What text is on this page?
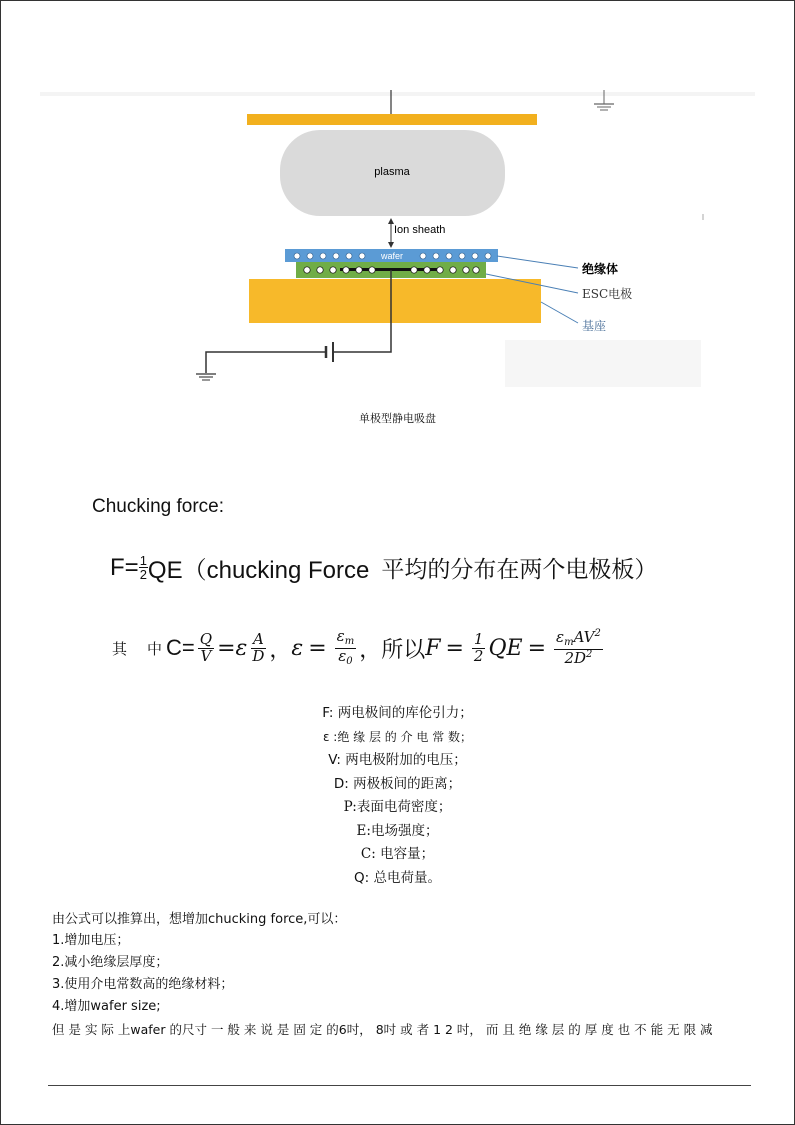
plasma
Ion sheath
wafer
绝缘体
ESC电极
基座
单极型静电吸盘
Chucking force:
$F= \frac{1}{2}$ QE（chucking Force 平均的分布在两个电极板）
其 中 $C= \frac{Q}{V} =\varepsilon \frac{A}{D}$ ， $\varepsilon = \frac{\varepsilon_m}{\varepsilon_0}$ ， 所以 $F = \frac{1}{2}$ QE = $\frac{\varepsilon_mAV^2}{2D^2}$
F: 两电极间的库伦引力；
ε :绝 缘 层 的 介 电 常 数；
V: 两电极附加的电压；
D: 两极板间的距离；
P:表面电荷密度；
E:电场强度；
C: 电容量；
Q: 总电荷量。
由公式可以推算出，想增加chucking force,可以：
1.增加电压；
2.减小绝缘层厚度；
3.使用介电常数高的绝缘材料；
4.增加wafer size;
但 是 实 际 上wafer 的尺寸 一 般 来 说 是 固 定 的6吋， 8吋 或 者 1 2 吋， 而 且 绝 缘 层 的 厚 度 也 不 能 无 限 减
